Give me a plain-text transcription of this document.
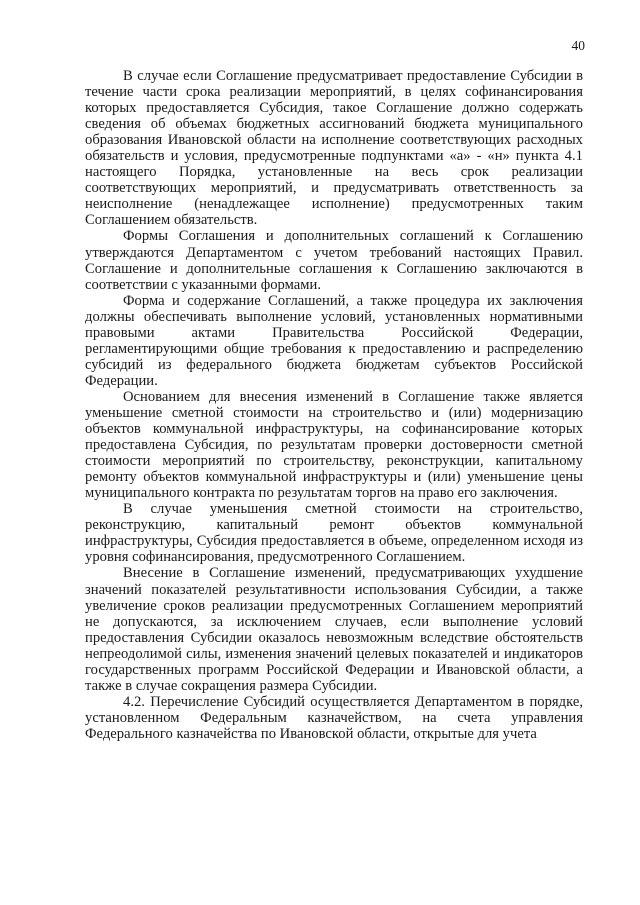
40

В случае если Соглашение предусматривает предоставление Субсидии в течение части срока реализации мероприятий, в целях софинансирования которых предоставляется Субсидия, такое Соглашение должно содержать сведения об объемах бюджетных ассигнований бюджета муниципального образования Ивановской области на исполнение соответствующих расходных обязательств и условия, предусмотренные подпунктами «а» - «н» пункта 4.1 настоящего Порядка, установленные на весь срок реализации соответствующих мероприятий, и предусматривать ответственность за неисполнение (ненадлежащее исполнение) предусмотренных таким Соглашением обязательств.

Формы Соглашения и дополнительных соглашений к Соглашению утверждаются Департаментом с учетом требований настоящих Правил. Соглашение и дополнительные соглашения к Соглашению заключаются в соответствии с указанными формами.

Форма и содержание Соглашений, а также процедура их заключения должны обеспечивать выполнение условий, установленных нормативными правовыми актами Правительства Российской Федерации, регламентирующими общие требования к предоставлению и распределению субсидий из федерального бюджета бюджетам субъектов Российской Федерации.

Основанием для внесения изменений в Соглашение также является уменьшение сметной стоимости на строительство и (или) модернизацию объектов коммунальной инфраструктуры, на софинансирование которых предоставлена Субсидия, по результатам проверки достоверности сметной стоимости мероприятий по строительству, реконструкции, капитальному ремонту объектов коммунальной инфраструктуры и (или) уменьшение цены муниципального контракта по результатам торгов на право его заключения.

В случае уменьшения сметной стоимости на строительство, реконструкцию, капитальный ремонт объектов коммунальной инфраструктуры, Субсидия предоставляется в объеме, определенном исходя из уровня софинансирования, предусмотренного Соглашением.

Внесение в Соглашение изменений, предусматривающих ухудшение значений показателей результативности использования Субсидии, а также увеличение сроков реализации предусмотренных Соглашением мероприятий не допускаются, за исключением случаев, если выполнение условий предоставления Субсидии оказалось невозможным вследствие обстоятельств непреодолимой силы, изменения значений целевых показателей и индикаторов государственных программ Российской Федерации и Ивановской области, а также в случае сокращения размера Субсидии.

4.2. Перечисление Субсидий осуществляется Департаментом в порядке, установленном Федеральным казначейством, на счета управления Федерального казначейства по Ивановской области, открытые для учета
